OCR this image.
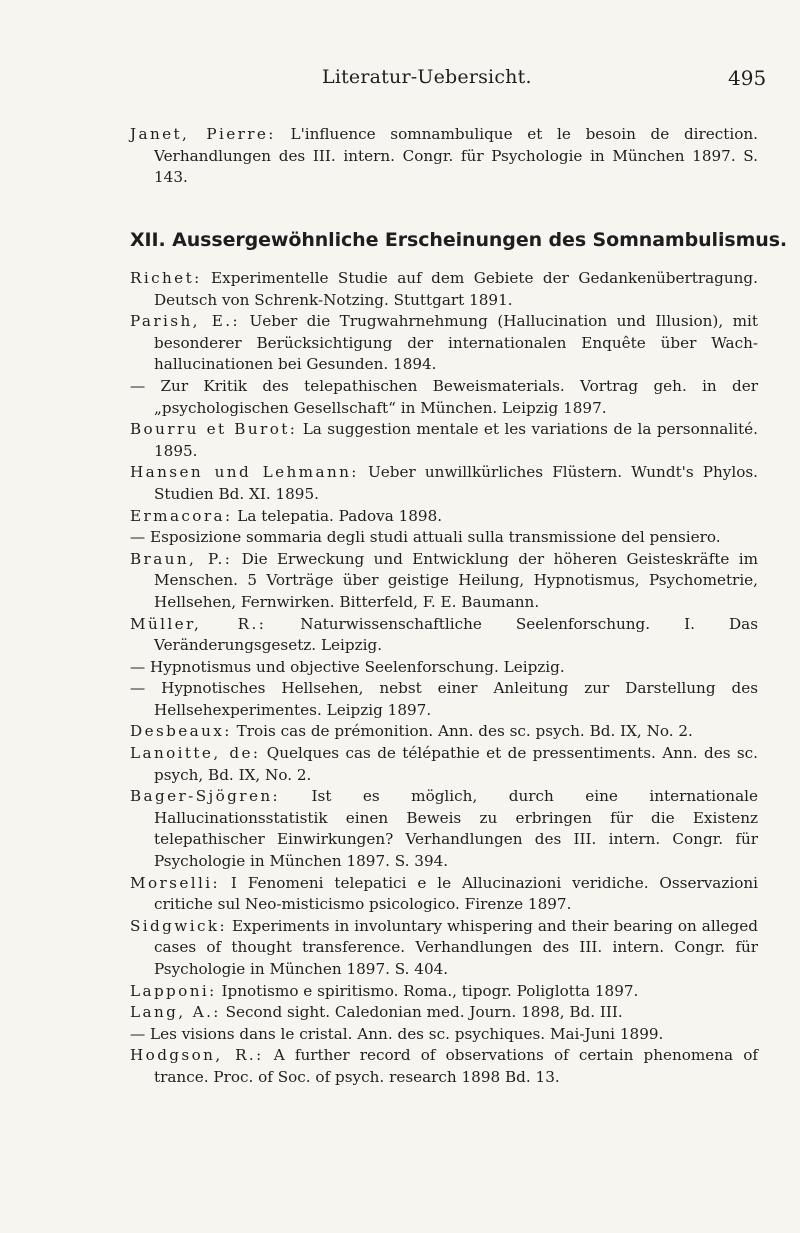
Literatur-Uebersicht.	495

Janet, Pierre: L'influence somnambulique et le besoin de direction. Verhandlungen des III. intern. Congr. für Psychologie in München 1897. S. 143.

XII. Aussergewöhnliche Erscheinungen des Somnambulismus.

Richet: Experimentelle Studie auf dem Gebiete der Gedankenübertragung. Deutsch von Schrenk-Notzing. Stuttgart 1891.

Parish, E.: Ueber die Trugwahrnehmung (Hallucination und Illusion), mit besonderer Berücksichtigung der internationalen Enquête über Wach-hallucinationen bei Gesunden. 1894.

— Zur Kritik des telepathischen Beweismaterials. Vortrag geh. in der „psychologischen Gesellschaft“ in München. Leipzig 1897.

Bourru et Burot: La suggestion mentale et les variations de la personnalité. 1895.

Hansen und Lehmann: Ueber unwillkürliches Flüstern. Wundt's Phylos. Studien Bd. XI. 1895.

Ermacora: La telepatia. Padova 1898.

— Esposizione sommaria degli studi attuali sulla transmissione del pensiero.

Braun, P.: Die Erweckung und Entwicklung der höheren Geisteskräfte im Menschen. 5 Vorträge über geistige Heilung, Hypnotismus, Psychometrie, Hellsehen, Fernwirken. Bitterfeld, F. E. Baumann.

Müller, R.: Naturwissenschaftliche Seelenforschung. I. Das Veränderungsgesetz. Leipzig.

— Hypnotismus und objective Seelenforschung. Leipzig.

— Hypnotisches Hellsehen, nebst einer Anleitung zur Darstellung des Hellsehexperimentes. Leipzig 1897.

Desbeaux: Trois cas de prémonition. Ann. des sc. psych. Bd. IX, No. 2.

Lanoitte, de: Quelques cas de télépathie et de pressentiments. Ann. des sc. psych, Bd. IX, No. 2.

Bager-Sjögren: Ist es möglich, durch eine internationale Hallucinationsstatistik einen Beweis zu erbringen für die Existenz telepathischer Einwirkungen? Verhandlungen des III. intern. Congr. für Psychologie in München 1897. S. 394.

Morselli: I Fenomeni telepatici e le Allucinazioni veridiche. Osservazioni critiche sul Neo-misticismo psicologico. Firenze 1897.

Sidgwick: Experiments in involuntary whispering and their bearing on alleged cases of thought transference. Verhandlungen des III. intern. Congr. für Psychologie in München 1897. S. 404.

Lapponi: Ipnotismo e spiritismo. Roma., tipogr. Poliglotta 1897.

Lang, A.: Second sight. Caledonian med. Journ. 1898, Bd. III.

— Les visions dans le cristal. Ann. des sc. psychiques. Mai-Juni 1899.

Hodgson, R.: A further record of observations of certain phenomena of trance. Proc. of Soc. of psych. research 1898 Bd. 13.
